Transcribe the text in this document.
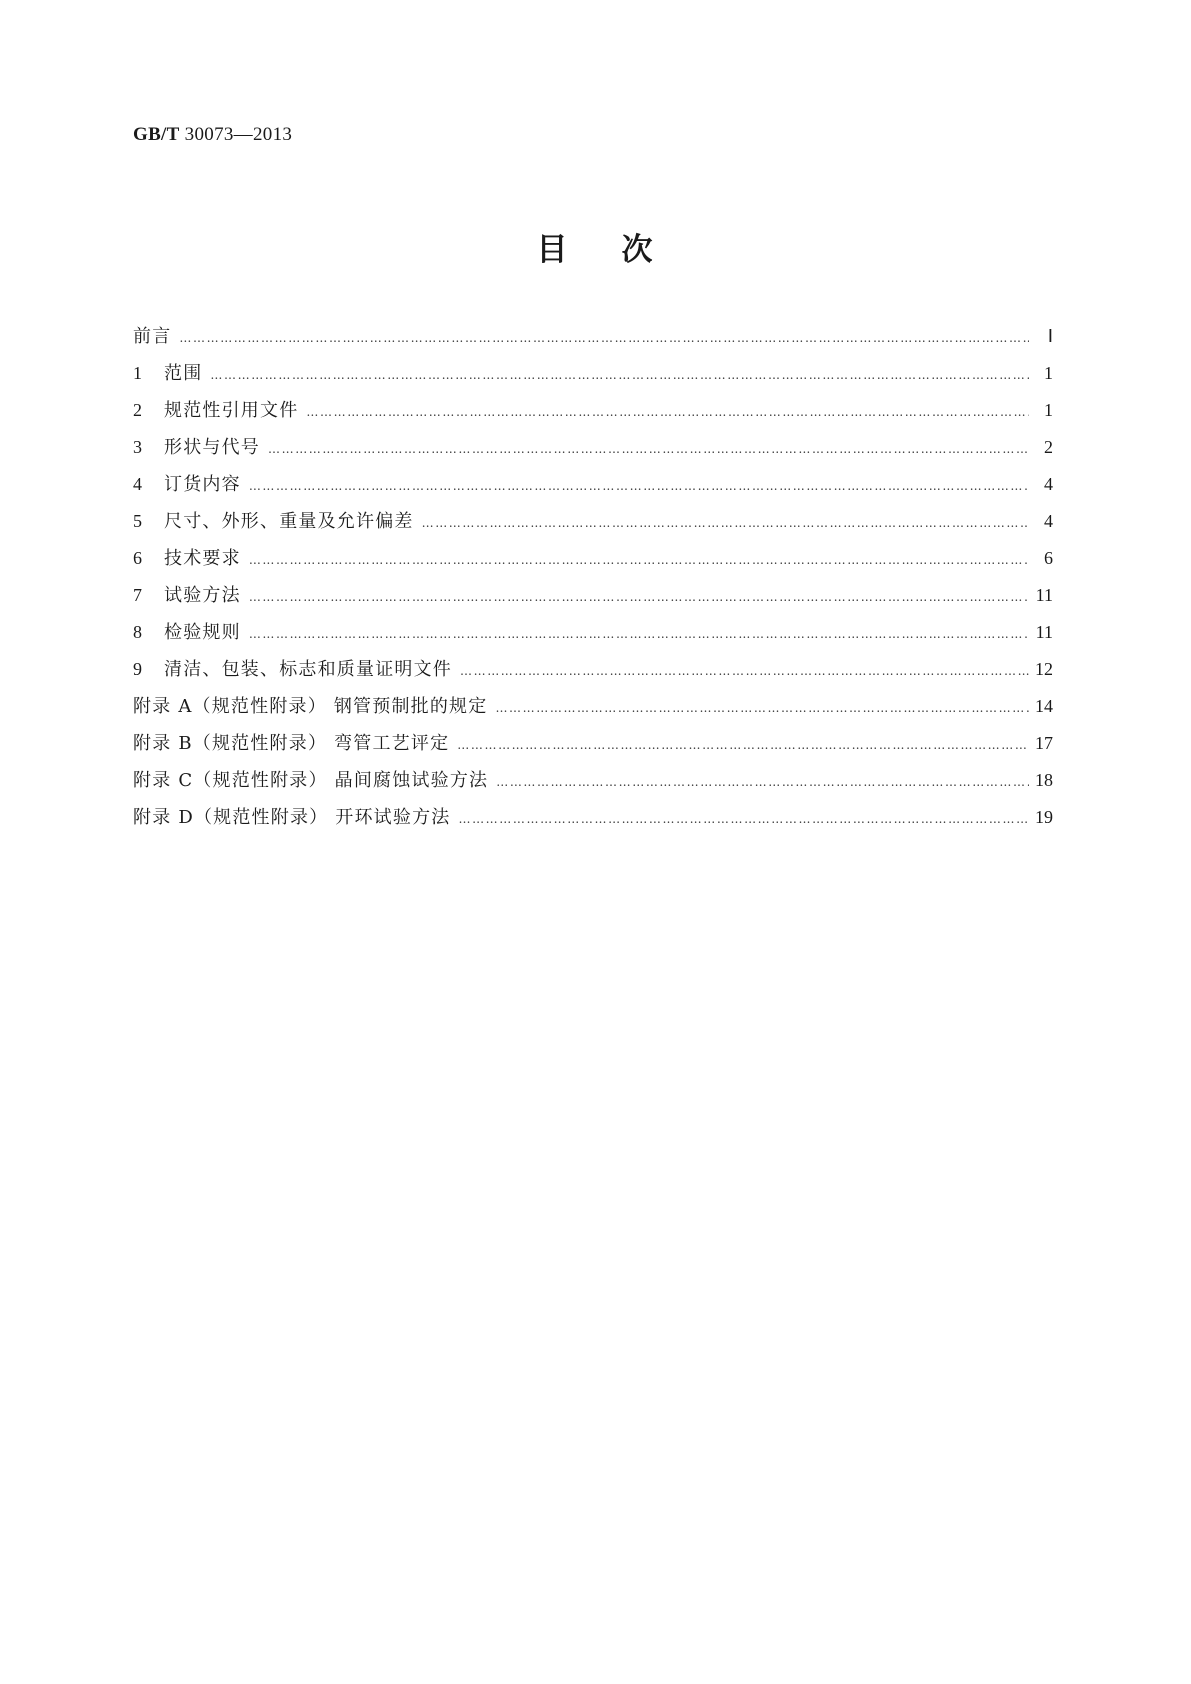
GB/T 30073—2013
目 次
前言 ………………………………………………………………………………………………………………………………………………………………………………………………………………	Ⅰ
1	范围 ………………………………………………………………………………………………………………………………………………………………………………………………………………	1
2	规范性引用文件 ………………………………………………………………………………………………………………………………………………………………………………………………………………	1
3	形状与代号 ………………………………………………………………………………………………………………………………………………………………………………………………………………	2
4	订货内容 ………………………………………………………………………………………………………………………………………………………………………………………………………………	4
5	尺寸、外形、重量及允许偏差 ………………………………………………………………………………………………………………………………………………………………………………………………………………	4
6	技术要求 ………………………………………………………………………………………………………………………………………………………………………………………………………………	6
7	试验方法 ………………………………………………………………………………………………………………………………………………………………………………………………………………	11
8	检验规则 ………………………………………………………………………………………………………………………………………………………………………………………………………………	11
9	清洁、包装、标志和质量证明文件 ………………………………………………………………………………………………………………………………………………………………………………………………………………	12
附录 A（规范性附录） 钢管预制批的规定 ………………………………………………………………………………………………………………………………………………………………………………………………………………	14
附录 B（规范性附录） 弯管工艺评定 ………………………………………………………………………………………………………………………………………………………………………………………………………………	17
附录 C（规范性附录） 晶间腐蚀试验方法 ………………………………………………………………………………………………………………………………………………………………………………………………………………	18
附录 D（规范性附录） 开环试验方法 ………………………………………………………………………………………………………………………………………………………………………………………………………………	19
